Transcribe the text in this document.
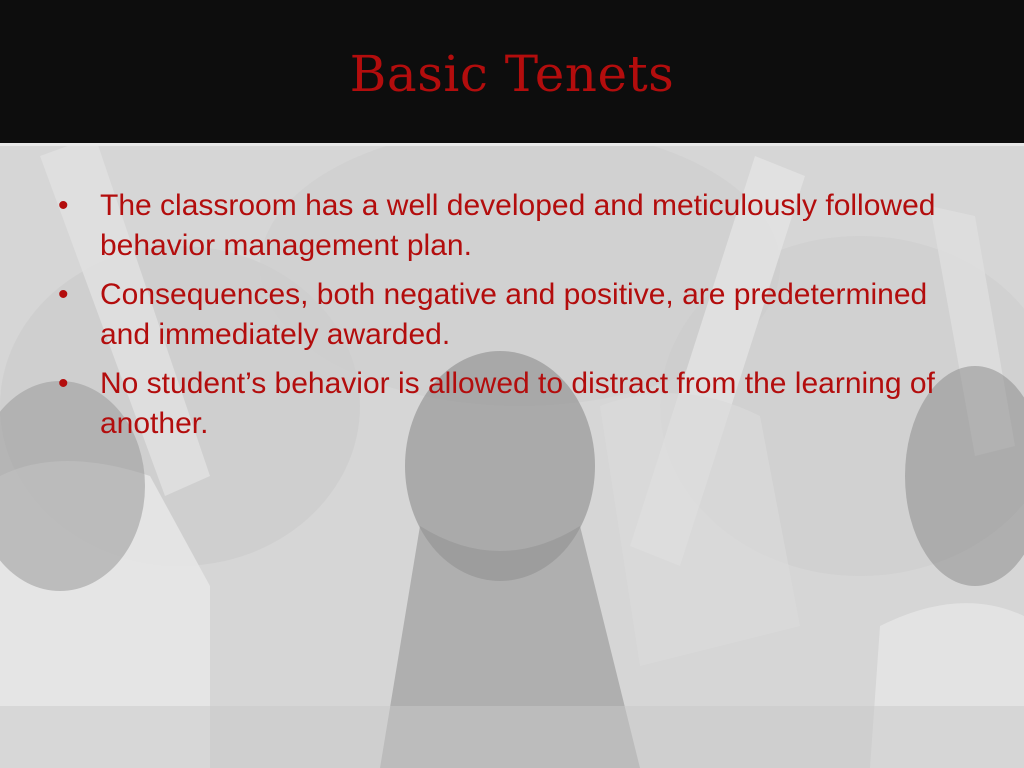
Basic Tenets
•	The classroom has a well developed and meticulously followed behavior management plan.
•	Consequences, both negative and positive, are predetermined and immediately awarded.
•	No student’s behavior is allowed to distract from the learning of another.
